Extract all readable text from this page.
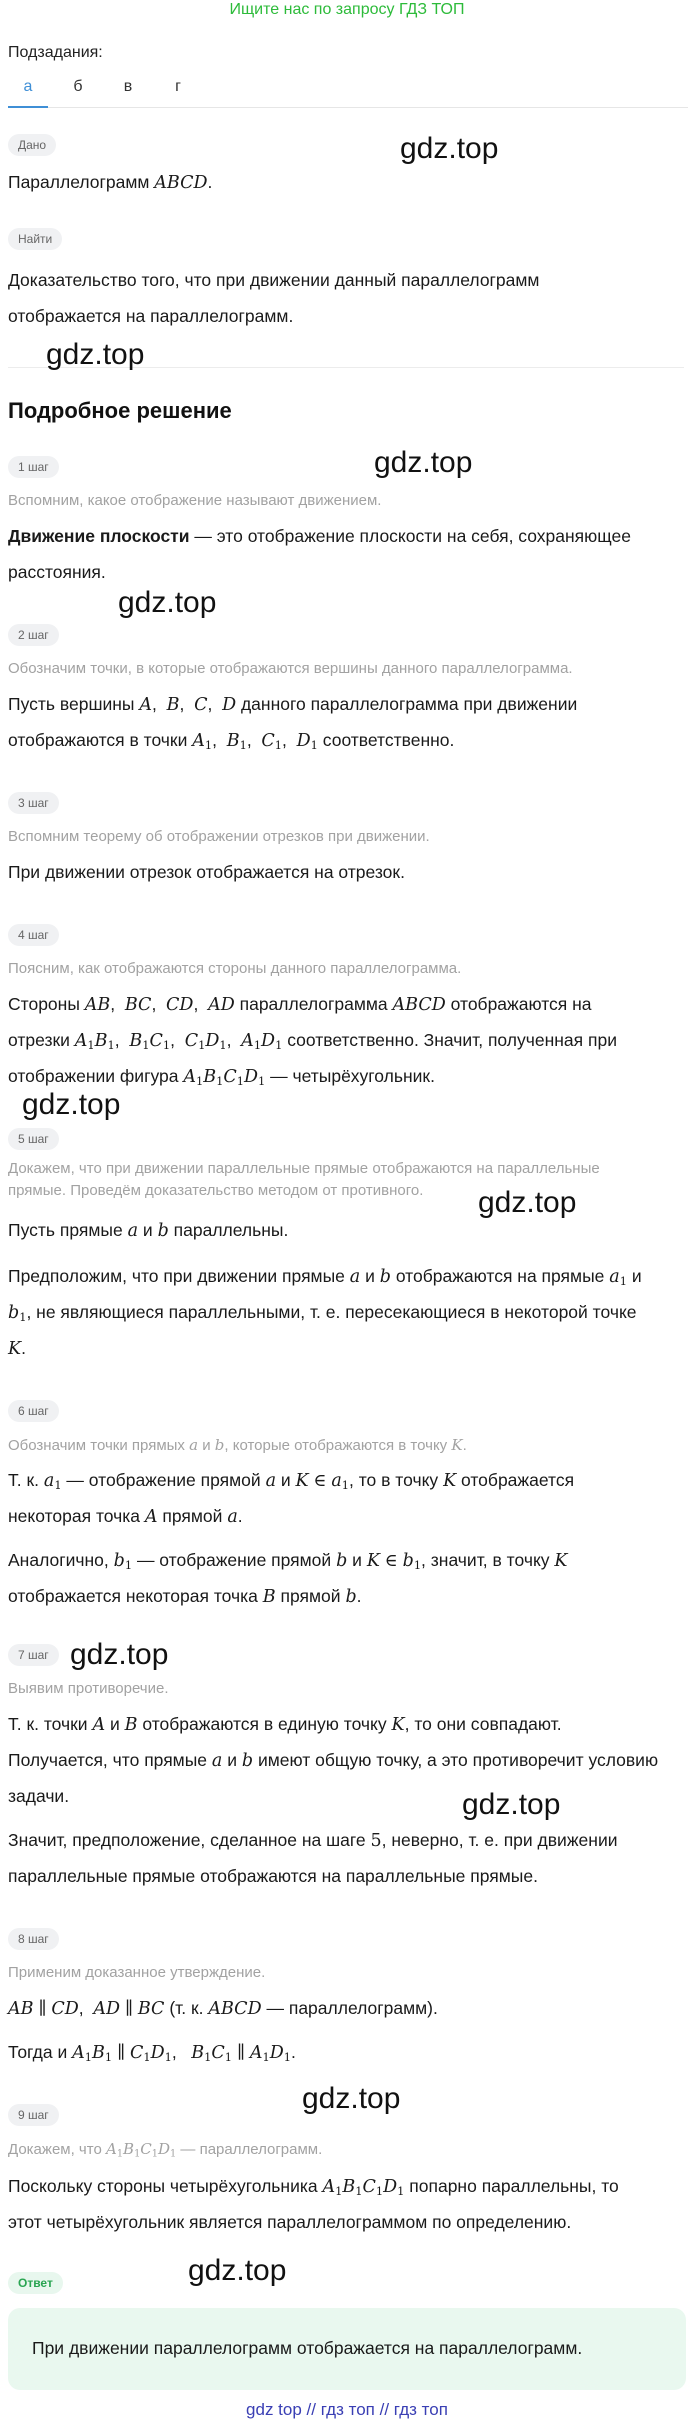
Ищите нас по запросу ГДЗ ТОП
Подзадания:
а	б	в	г
Дано
Параллелограмм ABCD.
Найти
Доказательство того, что при движении данный параллелограмм
отображается на параллелограмм.
Подробное решение
1 шаг
Вспомним, какое отображение называют движением.
Движение плоскости — это отображение плоскости на себя, сохраняющее
расстояния.
2 шаг
Обозначим точки, в которые отображаются вершины данного параллелограмма.
Пусть вершины A,  B,  C,  D данного параллелограмма при движении
отображаются в точки $A_1$,  $B_1$,  $C_1$,  $D_1$ соответственно.
3 шаг
Вспомним теорему об отображении отрезков при движении.
При движении отрезок отображается на отрезок.
4 шаг
Поясним, как отображаются стороны данного параллелограмма.
Стороны AB,  BC,  CD,  AD параллелограмма ABCD отображаются на
отрезки $A_1B_1$,  $B_1C_1$,  $C_1D_1$,  $A_1D_1$ соответственно. Значит, полученная при
отображении фигура $A_1B_1C_1D_1$ — четырёхугольник.
5 шаг
Докажем, что при движении параллельные прямые отображаются на параллельные
прямые. Проведём доказательство методом от противного.
Пусть прямые a и b параллельны.
Предположим, что при движении прямые a и b отображаются на прямые $a_1$ и
$b_1$, не являющиеся параллельными, т. е. пересекающиеся в некоторой точке
K.
6 шаг
Обозначим точки прямых a и b, которые отображаются в точку K.
Т. к. $a_1$ — отображение прямой a и K ∈ $a_1$, то в точку K отображается
некоторая точка A прямой a.
Аналогично, $b_1$ — отображение прямой b и K ∈ $b_1$, значит, в точку K
отображается некоторая точка B прямой b.
7 шаг
Выявим противоречие.
Т. к. точки A и B отображаются в единую точку K, то они совпадают.
Получается, что прямые a и b имеют общую точку, а это противоречит условию
задачи.
Значит, предположение, сделанное на шаге 5, неверно, т. е. при движении
параллельные прямые отображаются на параллельные прямые.
8 шаг
Применим доказанное утверждение.
AB ∥ CD,  AD ∥ BC (т. к. ABCD — параллелограмм).
Тогда и $A_1B_1$ ∥ $C_1D_1$,   $B_1C_1$ ∥ $A_1D_1$.
9 шаг
Докажем, что $A_1B_1C_1D_1$ — параллелограмм.
Поскольку стороны четырёхугольника $A_1B_1C_1D_1$ попарно параллельны, то
этот четырёхугольник является параллелограммом по определению.
Ответ
При движении параллелограмм отображается на параллелограмм.
gdz.top
gdz.top
gdz.top
gdz.top
gdz.top
gdz.top
gdz.top
gdz.top
gdz.top
gdz.top
gdz top // гдз топ // гдз топ
